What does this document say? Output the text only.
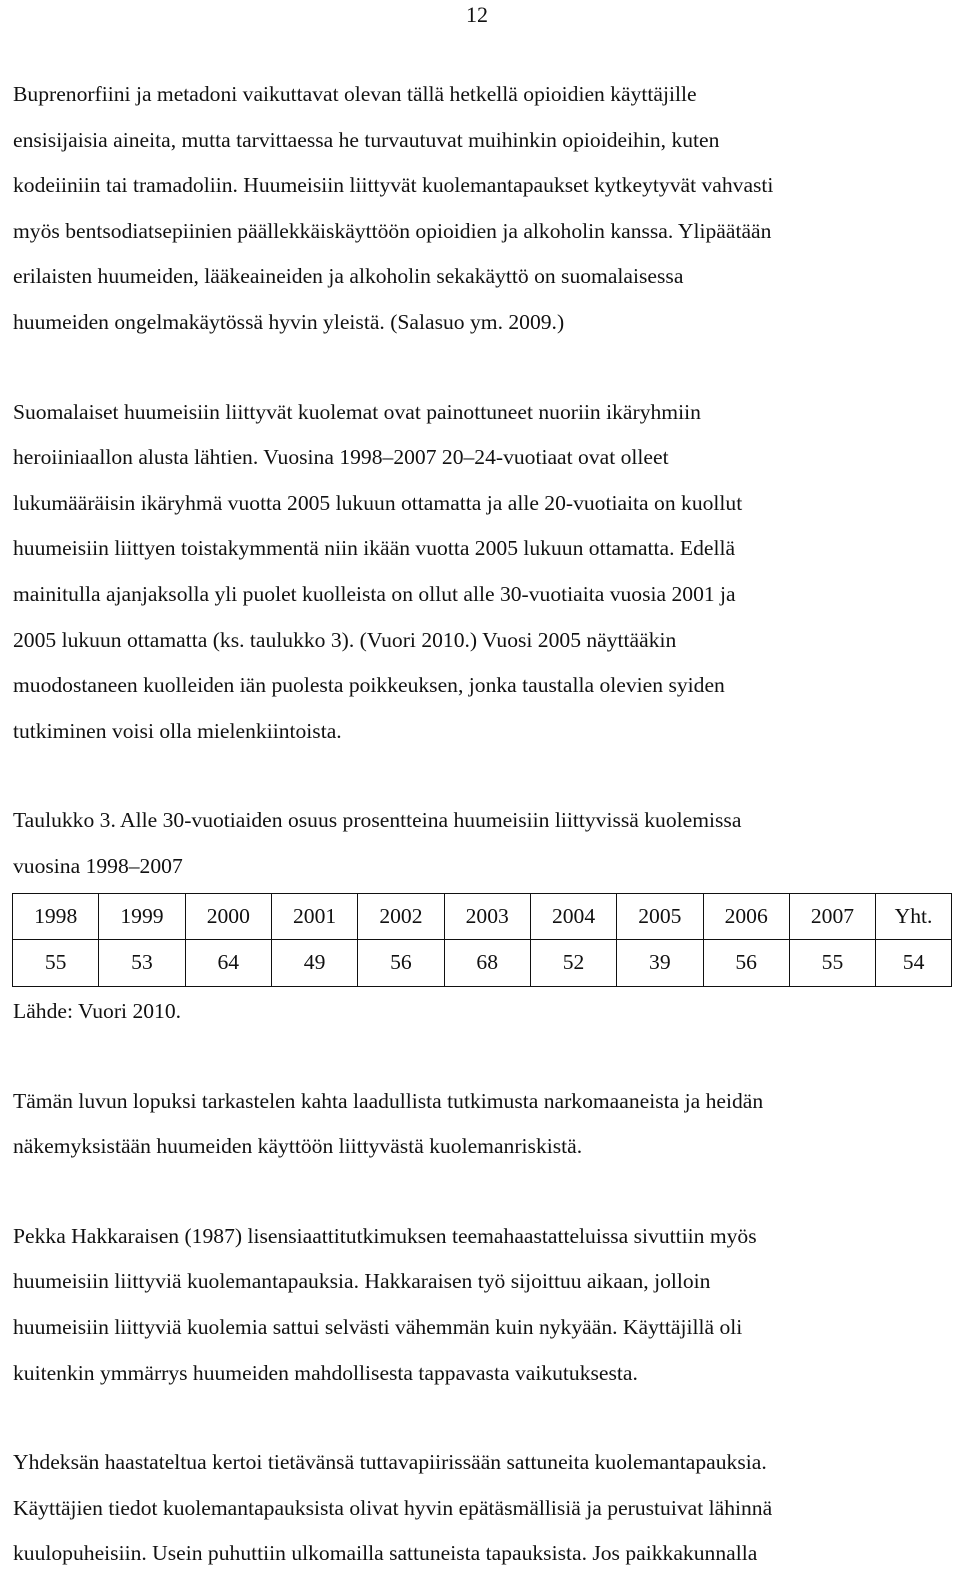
12

Buprenorfiini ja metadoni vaikuttavat olevan tällä hetkellä opioidien käyttäjille
ensisijaisia aineita, mutta tarvittaessa he turvautuvat muihinkin opioideihin, kuten
kodeiiniin tai tramadoliin. Huumeisiin liittyvät kuolemantapaukset kytkeytyvät vahvasti
myös bentsodiatsepiinien päällekkäiskäyttöön opioidien ja alkoholin kanssa. Ylipäätään
erilaisten huumeiden, lääkeaineiden ja alkoholin sekakäyttö on suomalaisessa
huumeiden ongelmakäytössä hyvin yleistä. (Salasuo ym. 2009.)

Suomalaiset huumeisiin liittyvät kuolemat ovat painottuneet nuoriin ikäryhmiin
heroiiniaallon alusta lähtien. Vuosina 1998–2007 20–24-vuotiaat ovat olleet
lukumääräisin ikäryhmä vuotta 2005 lukuun ottamatta ja alle 20-vuotiaita on kuollut
huumeisiin liittyen toistakymmentä niin ikään vuotta 2005 lukuun ottamatta. Edellä
mainitulla ajanjaksolla yli puolet kuolleista on ollut alle 30-vuotiaita vuosia 2001 ja
2005 lukuun ottamatta (ks. taulukko 3). (Vuori 2010.) Vuosi 2005 näyttääkin
muodostaneen kuolleiden iän puolesta poikkeuksen, jonka taustalla olevien syiden
tutkiminen voisi olla mielenkiintoista.

Taulukko 3. Alle 30-vuotiaiden osuus prosentteina huumeisiin liittyvissä kuolemissa
vuosina 1998–2007

1998	1999	2000	2001	2002	2003	2004	2005	2006	2007	Yht.
55	53	64	49	56	68	52	39	56	55	54

Lähde: Vuori 2010.

Tämän luvun lopuksi tarkastelen kahta laadullista tutkimusta narkomaaneista ja heidän
näkemyksistään huumeiden käyttöön liittyvästä kuolemanriskistä.

Pekka Hakkaraisen (1987) lisensiaattitutkimuksen teemahaastatteluissa sivuttiin myös
huumeisiin liittyviä kuolemantapauksia. Hakkaraisen työ sijoittuu aikaan, jolloin
huumeisiin liittyviä kuolemia sattui selvästi vähemmän kuin nykyään. Käyttäjillä oli
kuitenkin ymmärrys huumeiden mahdollisesta tappavasta vaikutuksesta.

Yhdeksän haastateltua kertoi tietävänsä tuttavapiirissään sattuneita kuolemantapauksia.
Käyttäjien tiedot kuolemantapauksista olivat hyvin epätäsmällisiä ja perustuivat lähinnä
kuulopuheisiin. Usein puhuttiin ulkomailla sattuneista tapauksista. Jos paikkakunnalla
